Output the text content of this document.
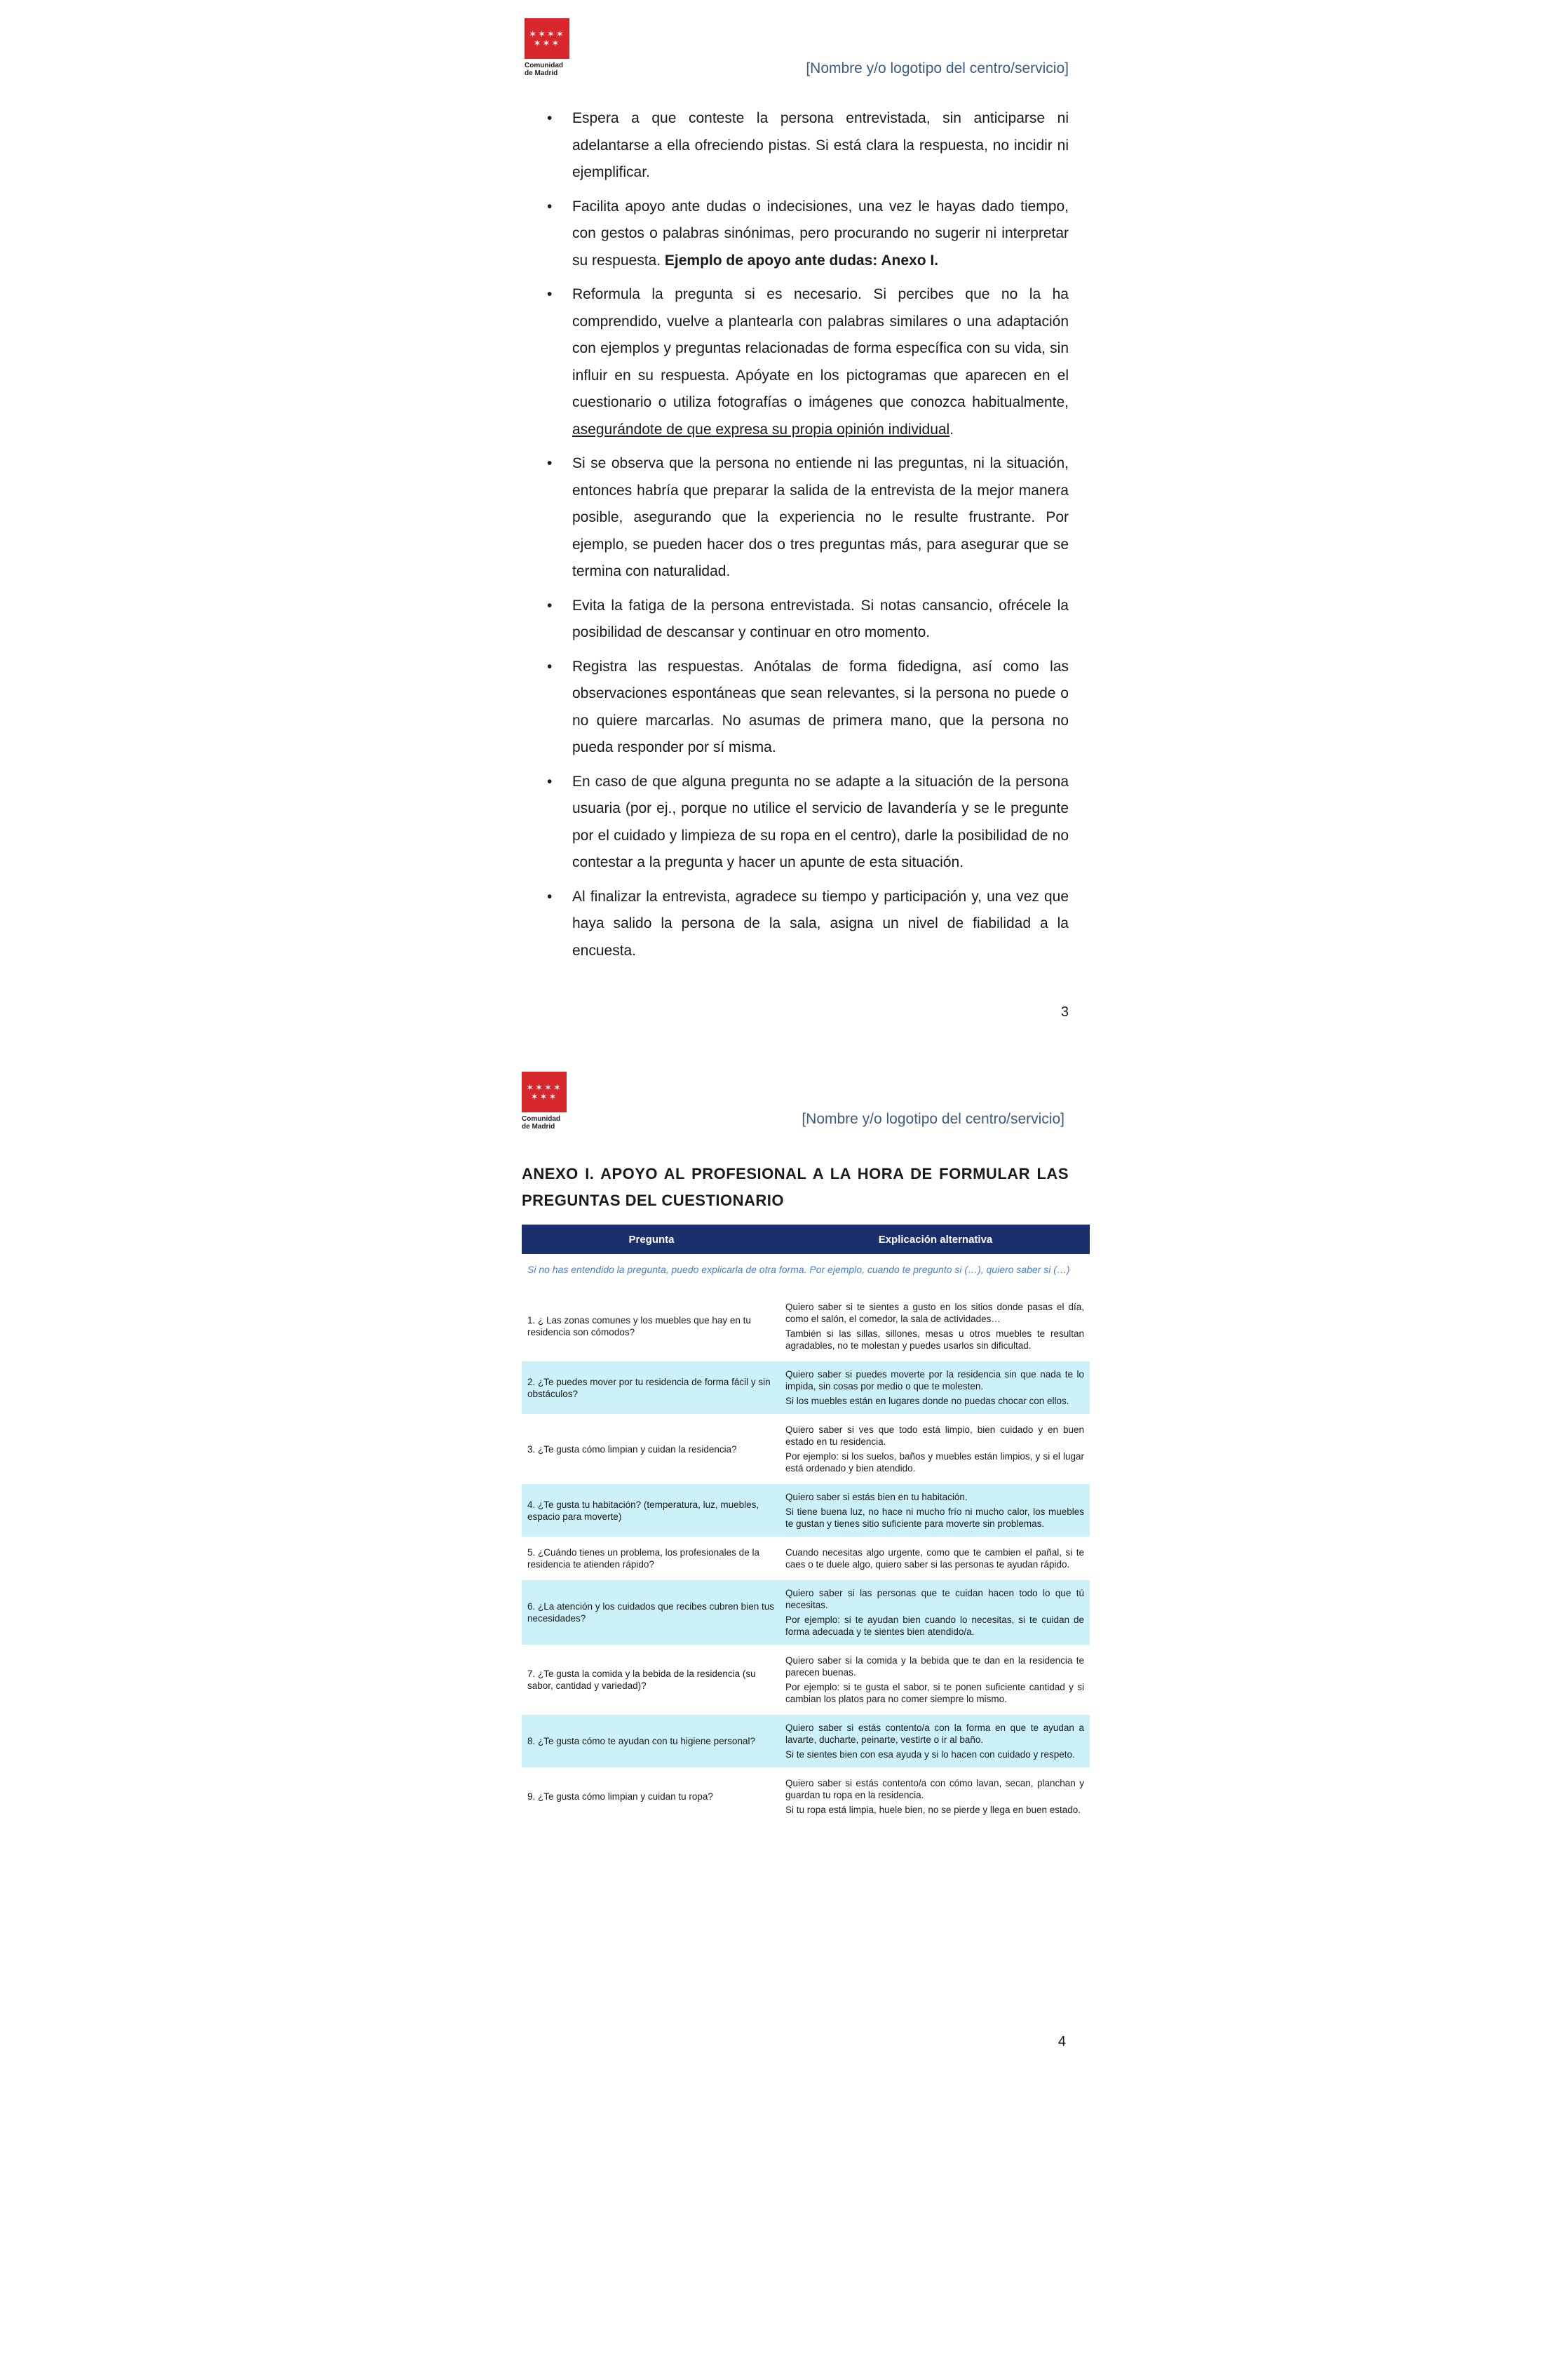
✶✶✶✶
✶✶✶
Comunidad de Madrid	[Nombre y/o logotipo del centro/servicio]
• Espera a que conteste la persona entrevistada, sin anticiparse ni adelantarse a ella ofreciendo pistas. Si está clara la respuesta, no incidir ni ejemplificar.
• Facilita apoyo ante dudas o indecisiones, una vez le hayas dado tiempo, con gestos o palabras sinónimas, pero procurando no sugerir ni interpretar su respuesta. Ejemplo de apoyo ante dudas: Anexo I.
• Reformula la pregunta si es necesario. Si percibes que no la ha comprendido, vuelve a plantearla con palabras similares o una adaptación con ejemplos y preguntas relacionadas de forma específica con su vida, sin influir en su respuesta. Apóyate en los pictogramas que aparecen en el cuestionario o utiliza fotografías o imágenes que conozca habitualmente, asegurándote de que expresa su propia opinión individual.
• Si se observa que la persona no entiende ni las preguntas, ni la situación, entonces habría que preparar la salida de la entrevista de la mejor manera posible, asegurando que la experiencia no le resulte frustrante. Por ejemplo, se pueden hacer dos o tres preguntas más, para asegurar que se termina con naturalidad.
• Evita la fatiga de la persona entrevistada. Si notas cansancio, ofrécele la posibilidad de descansar y continuar en otro momento.
• Registra las respuestas. Anótalas de forma fidedigna, así como las observaciones espontáneas que sean relevantes, si la persona no puede o no quiere marcarlas. No asumas de primera mano, que la persona no pueda responder por sí misma.
• En caso de que alguna pregunta no se adapte a la situación de la persona usuaria (por ej., porque no utilice el servicio de lavandería y se le pregunte por el cuidado y limpieza de su ropa en el centro), darle la posibilidad de no contestar a la pregunta y hacer un apunte de esta situación.
• Al finalizar la entrevista, agradece su tiempo y participación y, una vez que haya salido la persona de la sala, asigna un nivel de fiabilidad a la encuesta.
3
✶✶✶✶
✶✶✶
Comunidad de Madrid	[Nombre y/o logotipo del centro/servicio]
ANEXO I. APOYO AL PROFESIONAL A LA HORA DE FORMULAR LAS PREGUNTAS DEL CUESTIONARIO
Pregunta	Explicación alternativa
Si no has entendido la pregunta, puedo explicarla de otra forma. Por ejemplo, cuando te pregunto si (…), quiero saber si (…)	

1. ¿ Las zonas comunes y los muebles que hay en tu residencia son cómodos?	Quiero saber si te sientes a gusto en los sitios donde pasas el día, como el salón, el comedor, la sala de actividades…

También si las sillas, sillones, mesas u otros muebles te resultan agradables, no te molestan y puedes usarlos sin dificultad.

2. ¿Te puedes mover por tu residencia de forma fácil y sin obstáculos?	Quiero saber si puedes moverte por la residencia sin que nada te lo impida, sin cosas por medio o que te molesten.

Si los muebles están en lugares donde no puedas chocar con ellos.

3. ¿Te gusta cómo limpian y cuidan la residencia?	Quiero saber si ves que todo está limpio, bien cuidado y en buen estado en tu residencia.

Por ejemplo: si los suelos, baños y muebles están limpios, y si el lugar está ordenado y bien atendido.

4. ¿Te gusta tu habitación? (temperatura, luz, muebles, espacio para moverte)	Quiero saber si estás bien en tu habitación.

Si tiene buena luz, no hace ni mucho frío ni mucho calor, los muebles te gustan y tienes sitio suficiente para moverte sin problemas.

5. ¿Cuándo tienes un problema, los profesionales de la residencia te atienden rápido?	Cuando necesitas algo urgente, como que te cambien el pañal, si te caes o te duele algo, quiero saber si las personas te ayudan rápido.

6. ¿La atención y los cuidados que recibes cubren bien tus necesidades?	Quiero saber si las personas que te cuidan hacen todo lo que tú necesitas.

Por ejemplo: si te ayudan bien cuando lo necesitas, si te cuidan de forma adecuada y te sientes bien atendido/a.

7. ¿Te gusta la comida y la bebida de la residencia (su sabor, cantidad y variedad)?	Quiero saber si la comida y la bebida que te dan en la residencia te parecen buenas.

Por ejemplo: si te gusta el sabor, si te ponen suficiente cantidad y si cambian los platos para no comer siempre lo mismo.

8. ¿Te gusta cómo te ayudan con tu higiene personal?	Quiero saber si estás contento/a con la forma en que te ayudan a lavarte, ducharte, peinarte, vestirte o ir al baño.

Si te sientes bien con esa ayuda y si lo hacen con cuidado y respeto.

9. ¿Te gusta cómo limpian y cuidan tu ropa?	Quiero saber si estás contento/a con cómo lavan, secan, planchan y guardan tu ropa en la residencia.

Si tu ropa está limpia, huele bien, no se pierde y llega en buen estado.

4
